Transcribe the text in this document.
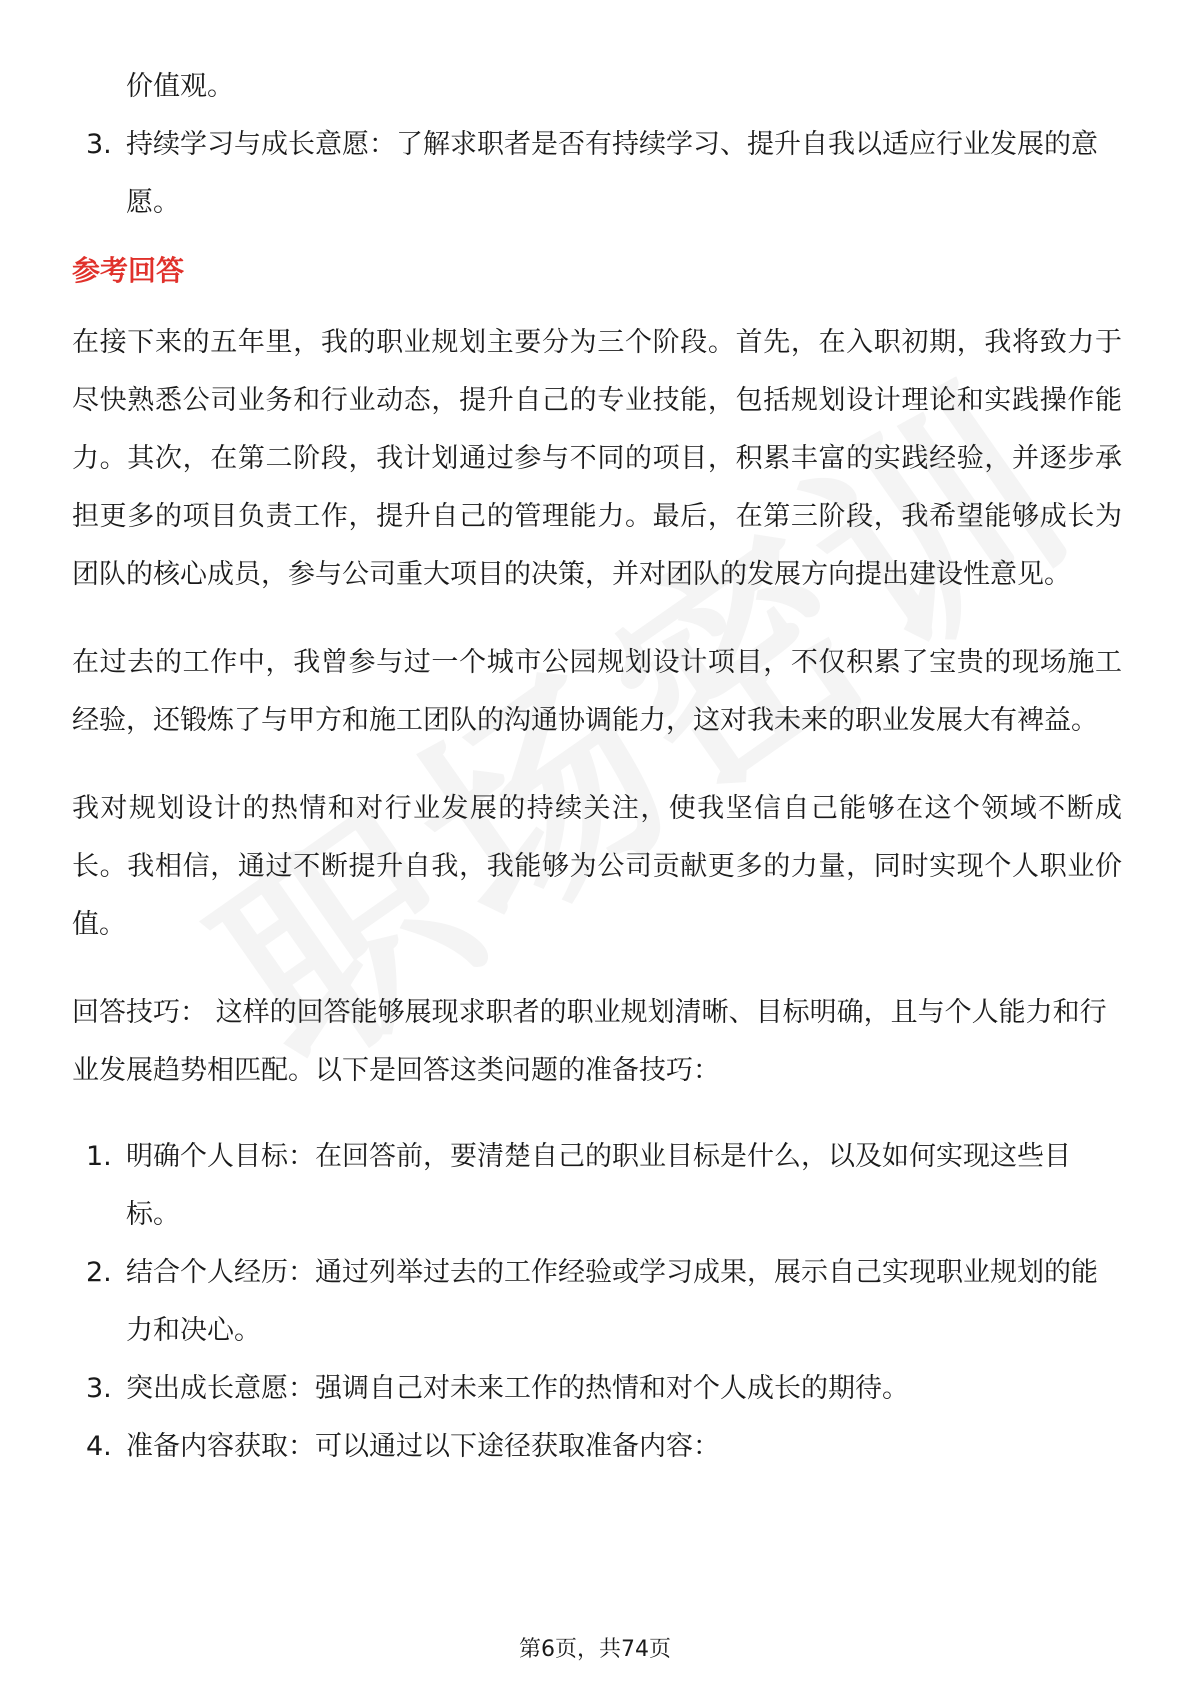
价值观。
3. 持续学习与成长意愿：了解求职者是否有持续学习、提升自我以适应行业发展的意愿。
参考回答

在接下来的五年里，我的职业规划主要分为三个阶段。首先，在入职初期，我将致力于尽快熟悉公司业务和行业动态，提升自己的专业技能，包括规划设计理论和实践操作能力。其次，在第二阶段，我计划通过参与不同的项目，积累丰富的实践经验，并逐步承担更多的项目负责工作，提升自己的管理能力。最后，在第三阶段，我希望能够成长为团队的核心成员，参与公司重大项目的决策，并对团队的发展方向提出建设性意见。

在过去的工作中，我曾参与过一个城市公园规划设计项目，不仅积累了宝贵的现场施工经验，还锻炼了与甲方和施工团队的沟通协调能力，这对我未来的职业发展大有裨益。

我对规划设计的热情和对行业发展的持续关注，使我坚信自己能够在这个领域不断成长。我相信，通过不断提升自我，我能够为公司贡献更多的力量，同时实现个人职业价值。

回答技巧： 这样的回答能够展现求职者的职业规划清晰、目标明确，且与个人能力和行业发展趋势相匹配。以下是回答这类问题的准备技巧：
1. 明确个人目标：在回答前，要清楚自己的职业目标是什么，以及如何实现这些目标。
2. 结合个人经历：通过列举过去的工作经验或学习成果，展示自己实现职业规划的能力和决心。
3. 突出成长意愿：强调自己对未来工作的热情和对个人成长的期待。
4. 准备内容获取：可以通过以下途径获取准备内容：
第6页，共74页
